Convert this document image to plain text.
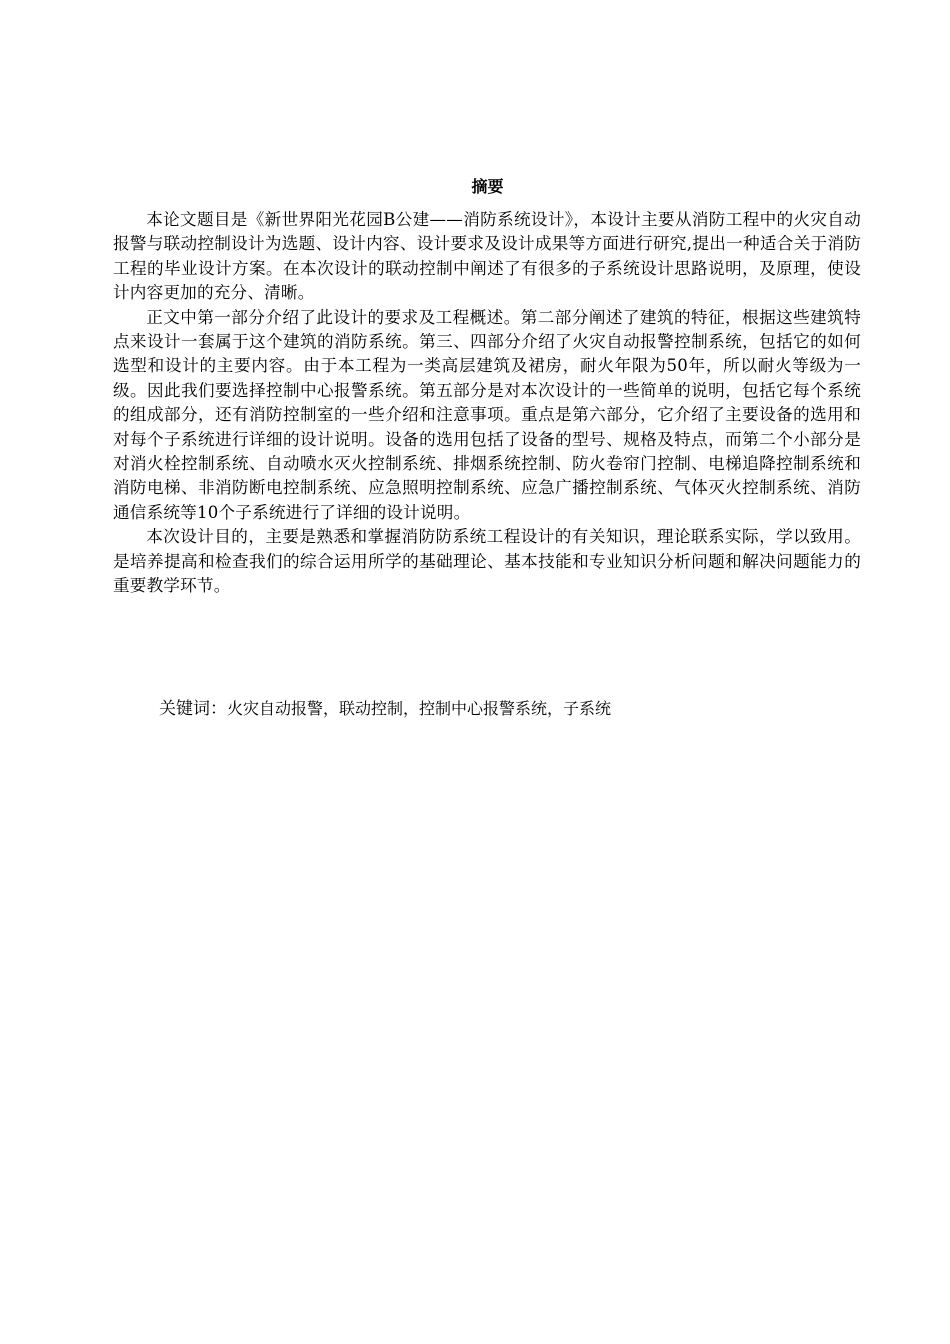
摘要

本论文题目是《新世界阳光花园B公建——消防系统设计》，本设计主要从消防工程中的火灾自动报警与联动控制设计为选题、设计内容、设计要求及设计成果等方面进行研究,提出一种适合关于消防工程的毕业设计方案。在本次设计的联动控制中阐述了有很多的子系统设计思路说明，及原理，使设计内容更加的充分、清晰。

正文中第一部分介绍了此设计的要求及工程概述。第二部分阐述了建筑的特征，根据这些建筑特点来设计一套属于这个建筑的消防系统。第三、四部分介绍了火灾自动报警控制系统，包括它的如何选型和设计的主要内容。由于本工程为一类高层建筑及裙房，耐火年限为50年，所以耐火等级为一级。因此我们要选择控制中心报警系统。第五部分是对本次设计的一些简单的说明，包括它每个系统的组成部分，还有消防控制室的一些介绍和注意事项。重点是第六部分，它介绍了主要设备的选用和对每个子系统进行详细的设计说明。设备的选用包括了设备的型号、规格及特点，而第二个小部分是对消火栓控制系统、自动喷水灭火控制系统、排烟系统控制、防火卷帘门控制、电梯追降控制系统和消防电梯、非消防断电控制系统、应急照明控制系统、应急广播控制系统、气体灭火控制系统、消防通信系统等10个子系统进行了详细的设计说明。

本次设计目的，主要是熟悉和掌握消防防系统工程设计的有关知识，理论联系实际，学以致用。是培养提高和检查我们的综合运用所学的基础理论、基本技能和专业知识分析问题和解决问题能力的重要教学环节。

关键词：火灾自动报警，联动控制，控制中心报警系统，子系统
